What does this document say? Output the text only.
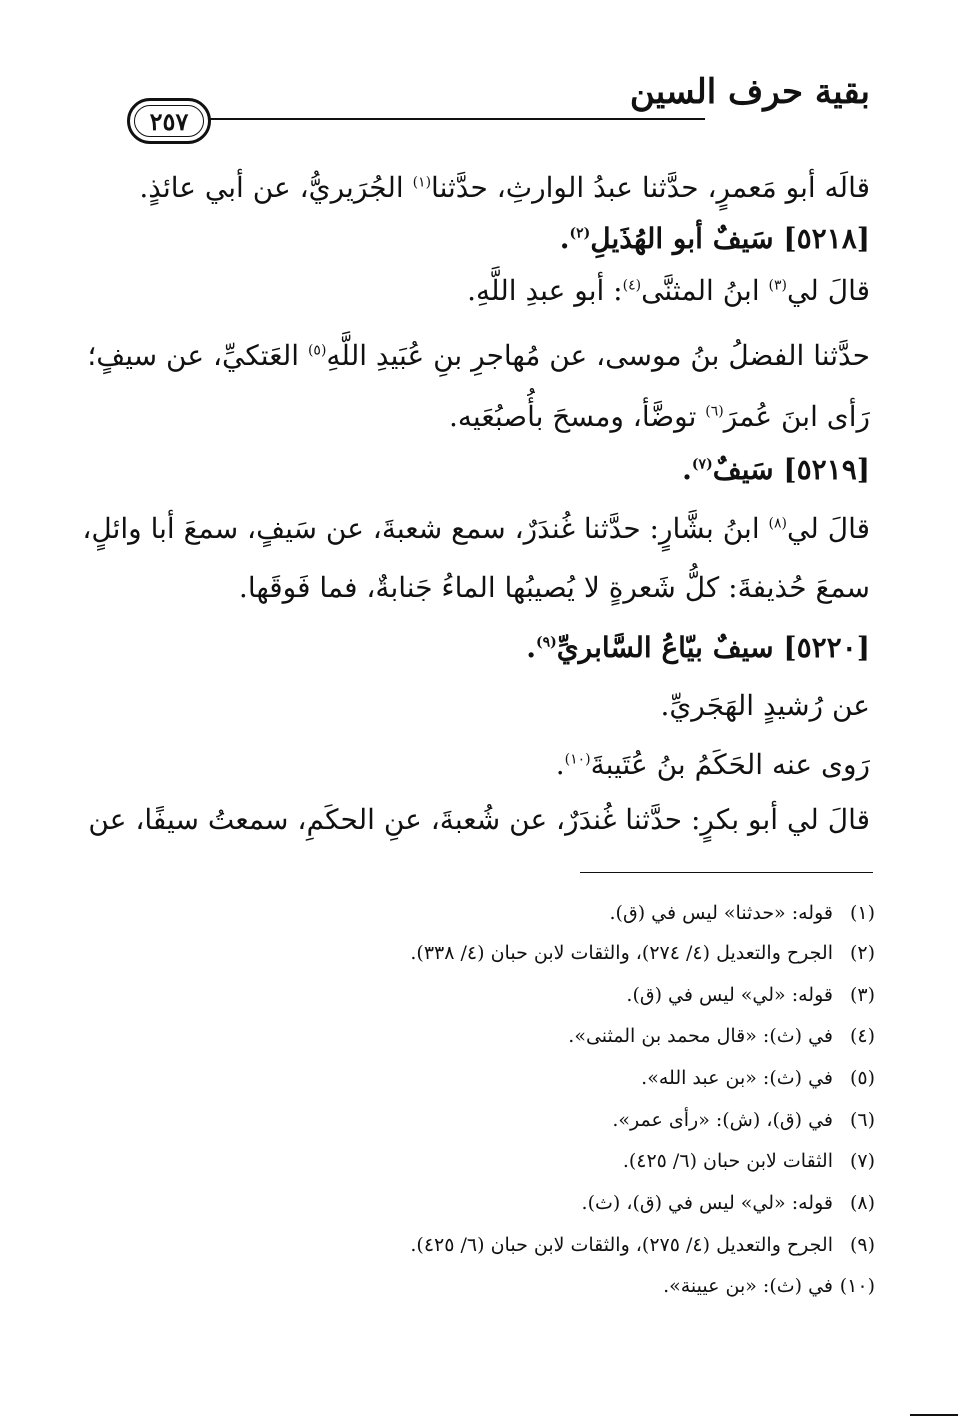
بقية حرف السين
٢٥٧
قالَه أبو مَعمرٍ، حدَّثنا عبدُ الوارثِ، حدَّثنا$^{(١)}$ الجُرَيريُّ، عن أبي عائذٍ.
[٥٢١٨] سَيفٌ أبو الهُذَيلِ$^{(٢)}$.
قالَ لي$^{(٣)}$ ابنُ المثنَّى$^{(٤)}$: أبو عبدِ اللَّهِ.
حدَّثنا الفضلُ بنُ موسى، عن مُهاجرِ بنِ عُبَيدِ اللَّهِ$^{(٥)}$ العَتكيِّ، عن سيفٍ؛
رَأى ابنَ عُمرَ$^{(٦)}$ توضَّأ، ومسحَ بأُصبُعَيه.
[٥٢١٩] سَيفٌ$^{(٧)}$.
قالَ لي$^{(٨)}$ ابنُ بشَّارٍ: حدَّثنا غُندَرٌ، سمع شعبةَ، عن سَيفٍ، سمعَ أبا وائلٍ،
سمعَ حُذيفةَ: كلُّ شَعرةٍ لا يُصيبُها الماءُ جَنابةٌ، فما فَوقَها.
[٥٢٢٠] سيفٌ بيّاعُ السَّابريِّ$^{(٩)}$.
عن رُشيدٍ الهَجَريِّ.
رَوى عنه الحَكَمُ بنُ عُتَيبةَ$^{(١٠)}$.
قالَ لي أبو بكرٍ: حدَّثنا غُندَرٌ، عن شُعبةَ، عنِ الحكَمِ، سمعتُ سيفًا، عن
(١)قوله: «حدثنا» ليس في (ق).
(٢)الجرح والتعديل (٤/ ٢٧٤)، والثقات لابن حبان (٤/ ٣٣٨).
(٣)قوله: «لي» ليس في (ق).
(٤)في (ث): «قال محمد بن المثنى».
(٥)في (ث): «بن عبد الله».
(٦)في (ق)، (ش): «رأى عمر».
(٧)الثقات لابن حبان (٦/ ٤٢٥).
(٨)قوله: «لي» ليس في (ق)، (ث).
(٩)الجرح والتعديل (٤/ ٢٧٥)، والثقات لابن حبان (٦/ ٤٢٥).
(١٠)في (ث): «بن عيينة».
